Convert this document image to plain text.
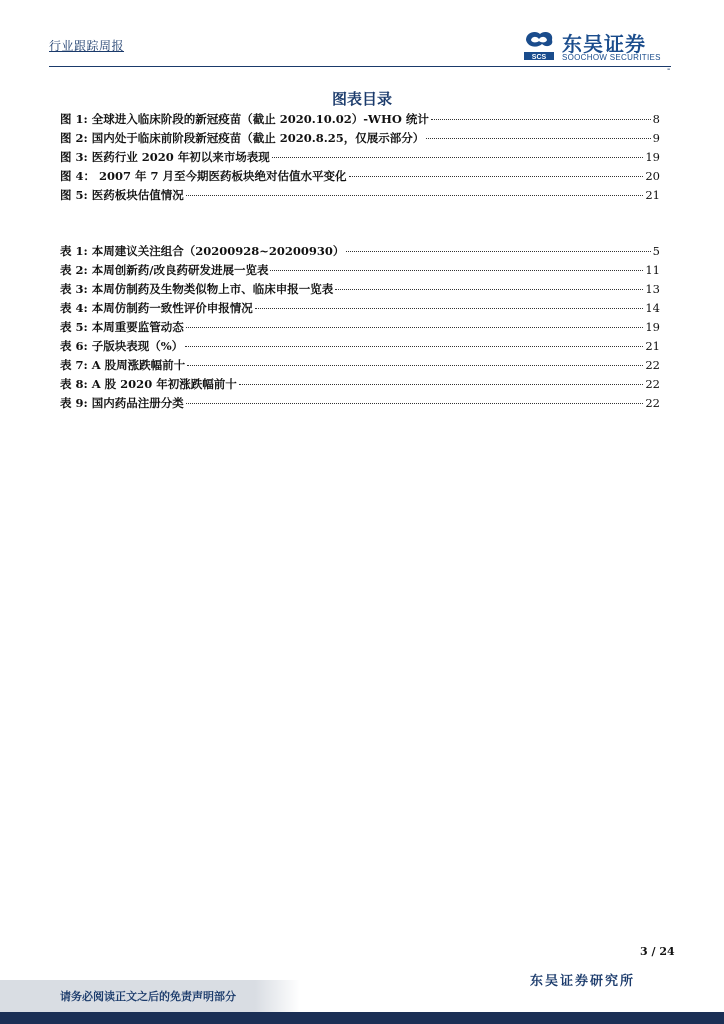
行业跟踪周报
SCS
东吴证券
SOOCHOW SECURITIES
-
图表目录
图 1: 全球进入临床阶段的新冠疫苗（截止 2020.10.02）-WHO 统计	8
图 2: 国内处于临床前阶段新冠疫苗（截止 2020.8.25，仅展示部分）	9
图 3: 医药行业 2020 年初以来市场表现	19
图 4： 2007 年 7 月至今期医药板块绝对估值水平变化	20
图 5: 医药板块估值情况	21
表 1: 本周建议关注组合（20200928~20200930）	5
表 2: 本周创新药/改良药研发进展一览表	11
表 3: 本周仿制药及生物类似物上市、临床申报一览表	13
表 4: 本周仿制药一致性评价申报情况	14
表 5: 本周重要监管动态	19
表 6: 子版块表现（%）	21
表 7: A 股周涨跌幅前十	22
表 8: A 股 2020 年初涨跌幅前十	22
表 9: 国内药品注册分类	22
3 / 24
东吴证券研究所
请务必阅读正文之后的免责声明部分
